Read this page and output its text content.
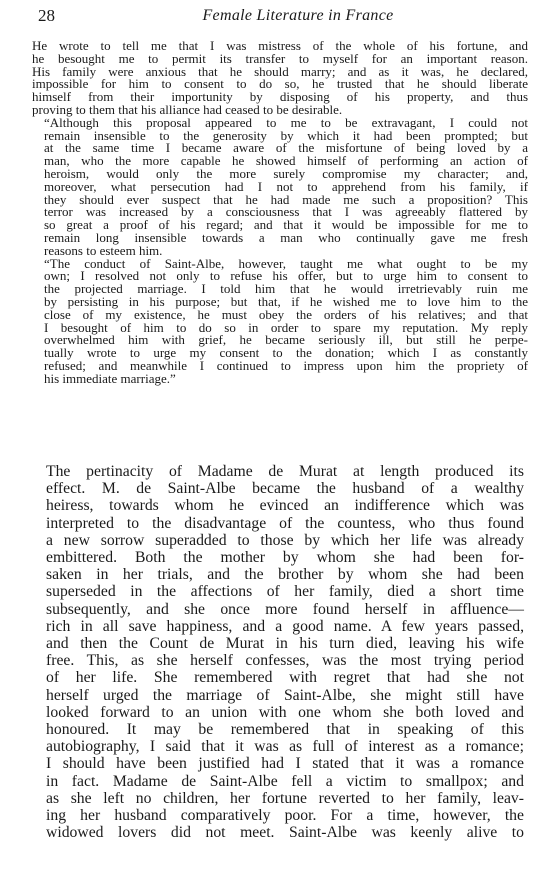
28	Female Literature in France

He wrote to tell me that I was mistress of the whole of his fortune, and
he besought me to permit its transfer to myself for an important reason.
His family were anxious that he should marry; and as it was, he declared,
impossible for him to consent to do so, he trusted that he should liberate
himself from their importunity by disposing of his property, and thus
proving to them that his alliance had ceased to be desirable.

“Although this proposal appeared to me to be extravagant, I could not
remain insensible to the generosity by which it had been prompted; but
at the same time I became aware of the misfortune of being loved by a
man, who the more capable he showed himself of performing an action of
heroism, would only the more surely compromise my character; and,
moreover, what persecution had I not to apprehend from his family, if
they should ever suspect that he had made me such a proposition? This
terror was increased by a consciousness that I was agreeably flattered by
so great a proof of his regard; and that it would be impossible for me to
remain long insensible towards a man who continually gave me fresh
reasons to esteem him.

“The conduct of Saint-Albe, however, taught me what ought to be my
own; I resolved not only to refuse his offer, but to urge him to consent to
the projected marriage. I told him that he would irretrievably ruin me
by persisting in his purpose; but that, if he wished me to love him to the
close of my existence, he must obey the orders of his relatives; and that
I besought of him to do so in order to spare my reputation. My reply
overwhelmed him with grief, he became seriously ill, but still he perpe-
tually wrote to urge my consent to the donation; which I as constantly
refused; and meanwhile I continued to impress upon him the propriety of
his immediate marriage.”

The pertinacity of Madame de Murat at length produced its
effect. M. de Saint-Albe became the husband of a wealthy
heiress, towards whom he evinced an indifference which was
interpreted to the disadvantage of the countess, who thus found
a new sorrow superadded to those by which her life was already
embittered. Both the mother by whom she had been for-
saken in her trials, and the brother by whom she had been
superseded in the affections of her family, died a short time
subsequently, and she once more found herself in affluence—
rich in all save happiness, and a good name. A few years passed,
and then the Count de Murat in his turn died, leaving his wife
free. This, as she herself confesses, was the most trying period
of her life. She remembered with regret that had she not
herself urged the marriage of Saint-Albe, she might still have
looked forward to an union with one whom she both loved and
honoured. It may be remembered that in speaking of this
autobiography, I said that it was as full of interest as a romance;
I should have been justified had I stated that it was a romance
in fact. Madame de Saint-Albe fell a victim to smallpox; and
as she left no children, her fortune reverted to her family, leav-
ing her husband comparatively poor. For a time, however, the
widowed lovers did not meet. Saint-Albe was keenly alive to
